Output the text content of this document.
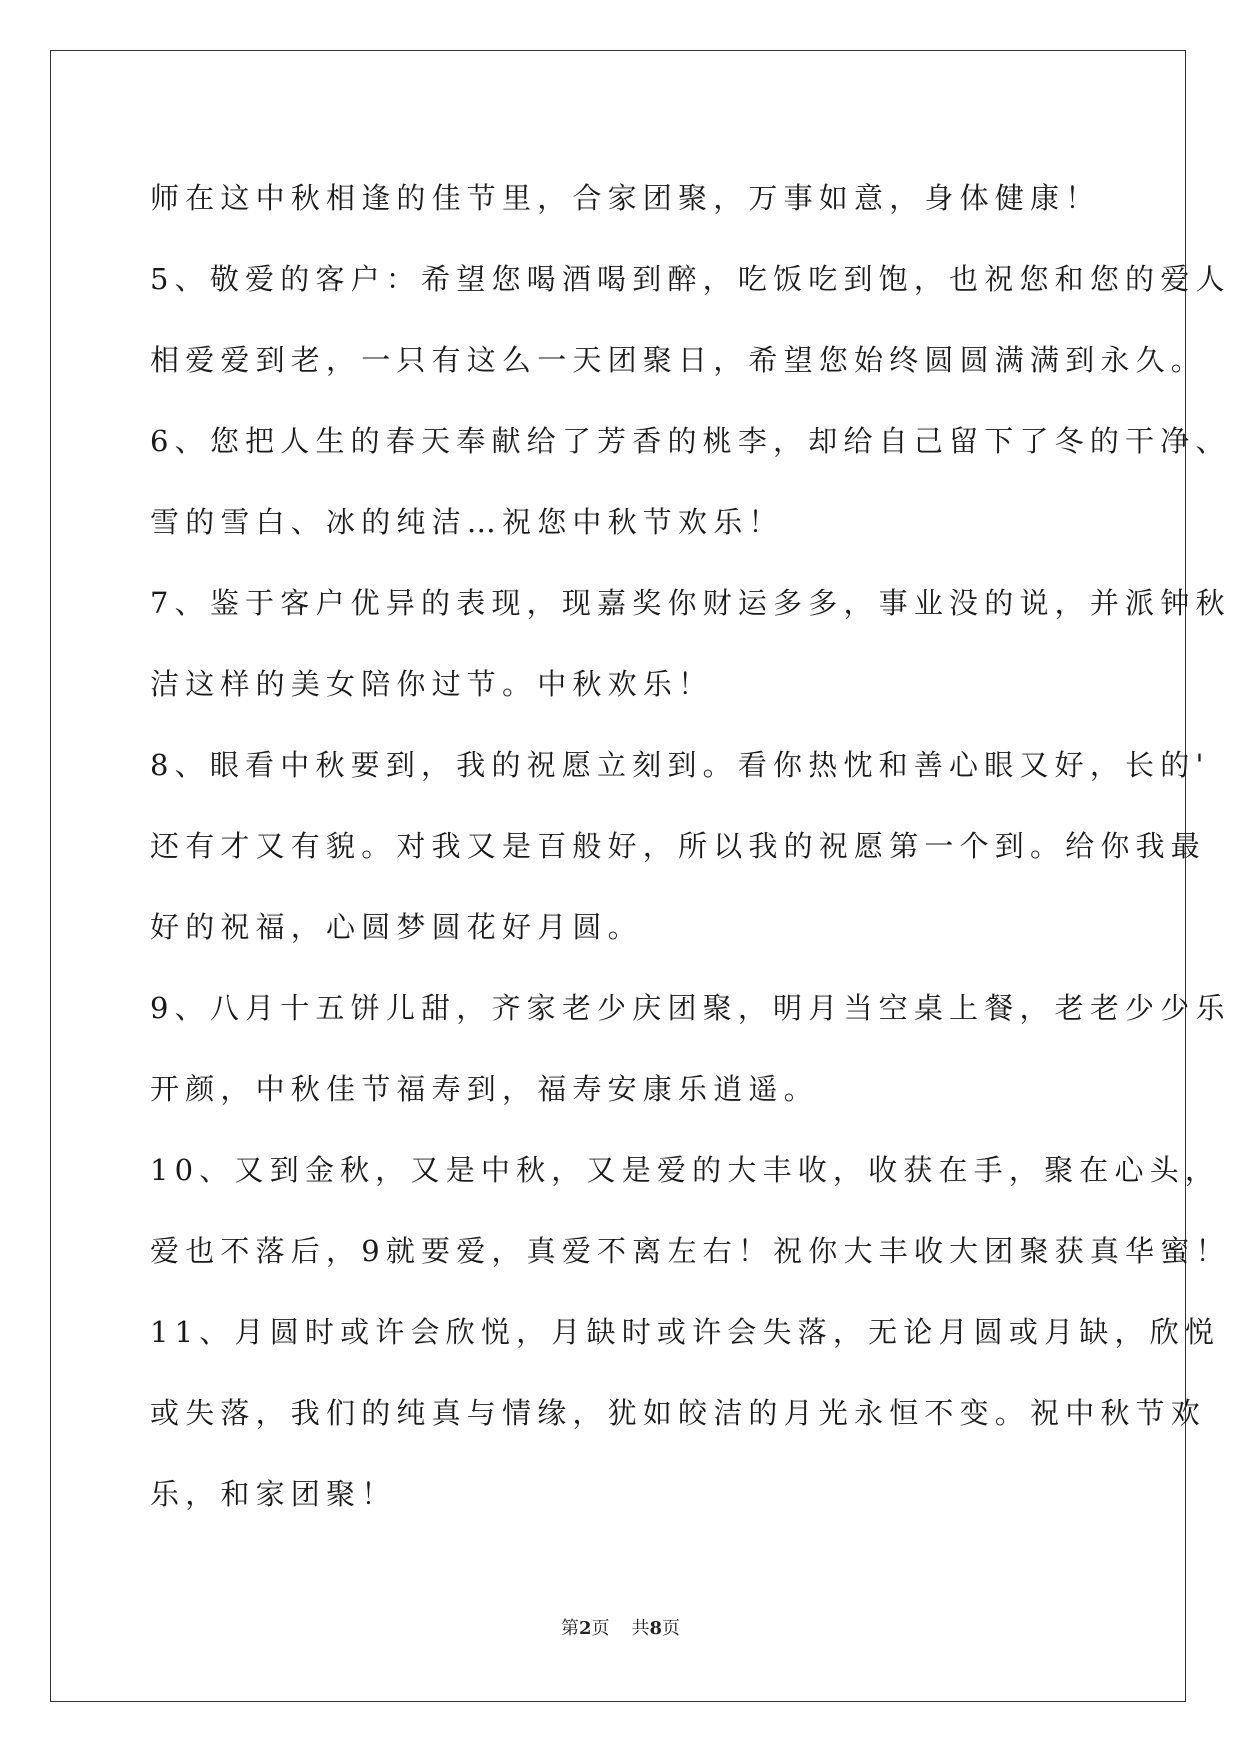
师在这中秋相逢的佳节里，合家团聚，万事如意，身体健康！
5、敬爱的客户：希望您喝酒喝到醉，吃饭吃到饱，也祝您和您的爱人
相爱爱到老，一只有这么一天团聚日，希望您始终圆圆满满到永久。
6、您把人生的春天奉献给了芳香的桃李，却给自己留下了冬的干净、
雪的雪白、冰的纯洁…祝您中秋节欢乐！
7、鉴于客户优异的表现，现嘉奖你财运多多，事业没的说，并派钟秋
洁这样的美女陪你过节。中秋欢乐！
8、眼看中秋要到，我的祝愿立刻到。看你热忱和善心眼又好，长的'
还有才又有貌。对我又是百般好，所以我的祝愿第一个到。给你我最
好的祝福，心圆梦圆花好月圆。
9、八月十五饼儿甜，齐家老少庆团聚，明月当空桌上餐，老老少少乐
开颜，中秋佳节福寿到，福寿安康乐逍遥。
10、又到金秋，又是中秋，又是爱的大丰收，收获在手，聚在心头，
爱也不落后，9就要爱，真爱不离左右！祝你大丰收大团聚获真华蜜！
11、月圆时或许会欣悦，月缺时或许会失落，无论月圆或月缺，欣悦
或失落，我们的纯真与情缘，犹如皎洁的月光永恒不变。祝中秋节欢
乐，和家团聚！
第2页 共8页
